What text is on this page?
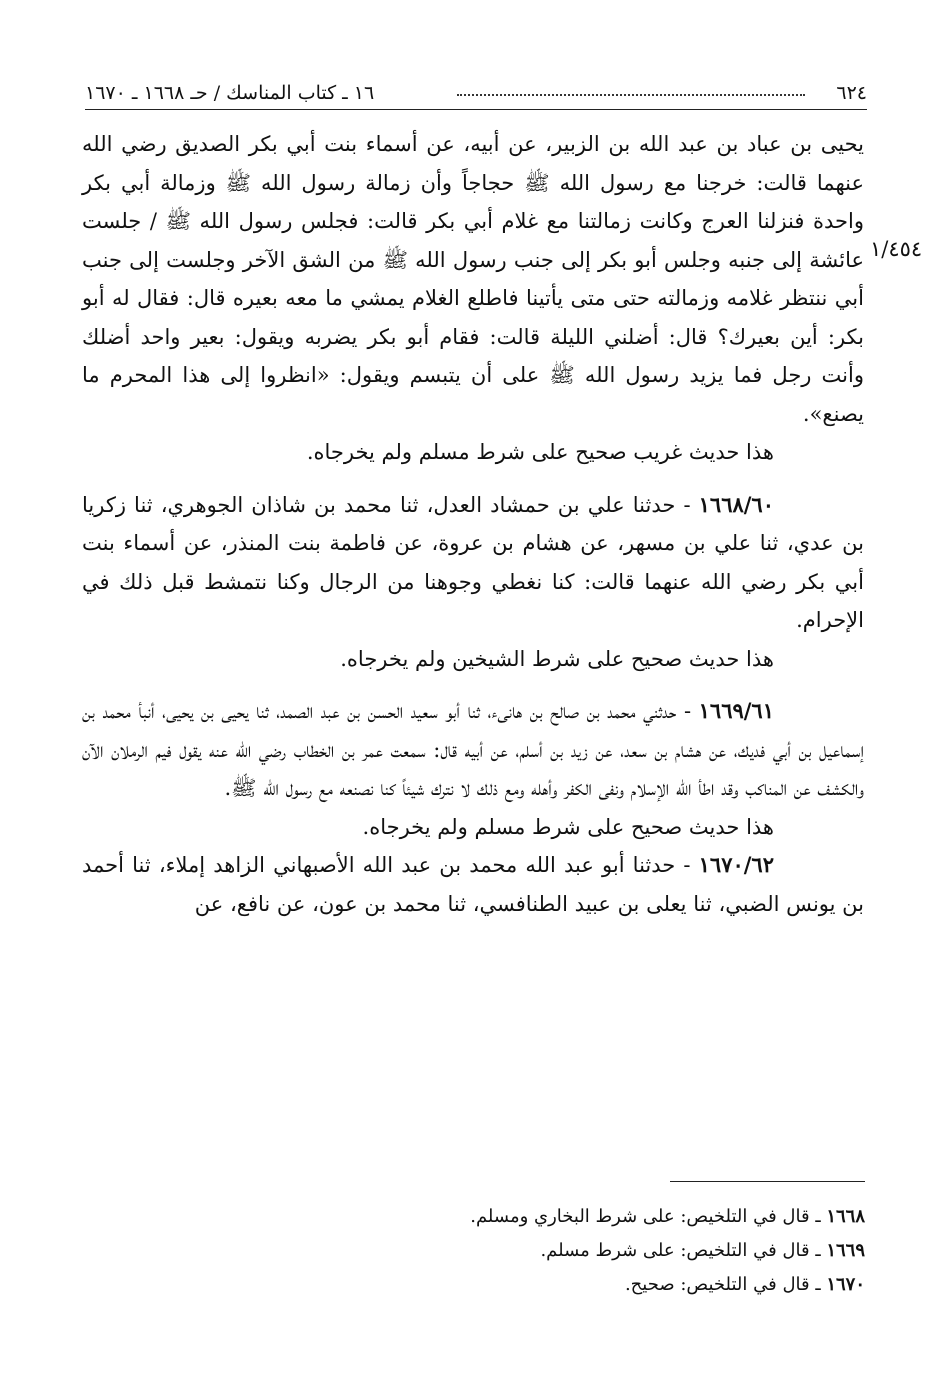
٦٢٤
١٦ ـ كتاب المناسك / حـ ١٦٦٨ ـ ١٦٧٠
١/٤٥٤

يحيى بن عباد بن عبد الله بن الزبير، عن أبيه، عن أسماء بنت أبي بكر الصديق رضي الله عنهما قالت: خرجنا مع رسول الله ﷺ حجاجاً وأن زمالة رسول الله ﷺ وزمالة أبي بكر واحدة فنزلنا العرج وكانت زمالتنا مع غلام أبي بكر قالت: فجلس رسول الله ﷺ / جلست عائشة إلى جنبه وجلس أبو بكر إلى جنب رسول الله ﷺ من الشق الآخر وجلست إلى جنب أبي ننتظر غلامه وزمالته حتى متى يأتينا فاطلع الغلام يمشي ما معه بعيره قال: فقال له أبو بكر: أين بعيرك؟ قال: أضلني الليلة قالت: فقام أبو بكر يضربه ويقول: بعير واحد أضلك وأنت رجل فما يزيد رسول الله ﷺ على أن يتبسم ويقول: «انظروا إلى هذا المحرم ما يصنع».

هذا حديث غريب صحيح على شرط مسلم ولم يخرجاه.

١٦٦٨/٦٠ - حدثنا علي بن حمشاد العدل، ثنا محمد بن شاذان الجوهري، ثنا زكريا بن عدي، ثنا علي بن مسهر، عن هشام بن عروة، عن فاطمة بنت المنذر، عن أسماء بنت أبي بكر رضي الله عنهما قالت: كنا نغطي وجوهنا من الرجال وكنا نتمشط قبل ذلك في الإحرام.

هذا حديث صحيح على شرط الشيخين ولم يخرجاه.

١٦٦٩/٦١ - حدثني محمد بن صالح بن هانىء، ثنا أبو سعيد الحسن بن عبد الصمد، ثنا يحيى بن يحيى، أنبأ محمد بن إسماعيل بن أبي فديك، عن هشام بن سعد، عن زيد بن أسلم، عن أبيه قال: سمعت عمر بن الخطاب رضي الله عنه يقول فيم الرملان الآن والكشف عن المناكب وقد اطأ الله الإسلام ونفى الكفر وأهله ومع ذلك لا نترك شيئاً كنا نصنعه مع رسول الله ﷺ.

هذا حديث صحيح على شرط مسلم ولم يخرجاه.

١٦٧٠/٦٢ - حدثنا أبو عبد الله محمد بن عبد الله الأصبهاني الزاهد إملاء، ثنا أحمد بن يونس الضبي، ثنا يعلى بن عبيد الطنافسي، ثنا محمد بن عون، عن نافع، عن

١٦٦٨ ـ قال في التلخيص: على شرط البخاري ومسلم.

١٦٦٩ ـ قال في التلخيص: على شرط مسلم.

١٦٧٠ ـ قال في التلخيص: صحيح.
